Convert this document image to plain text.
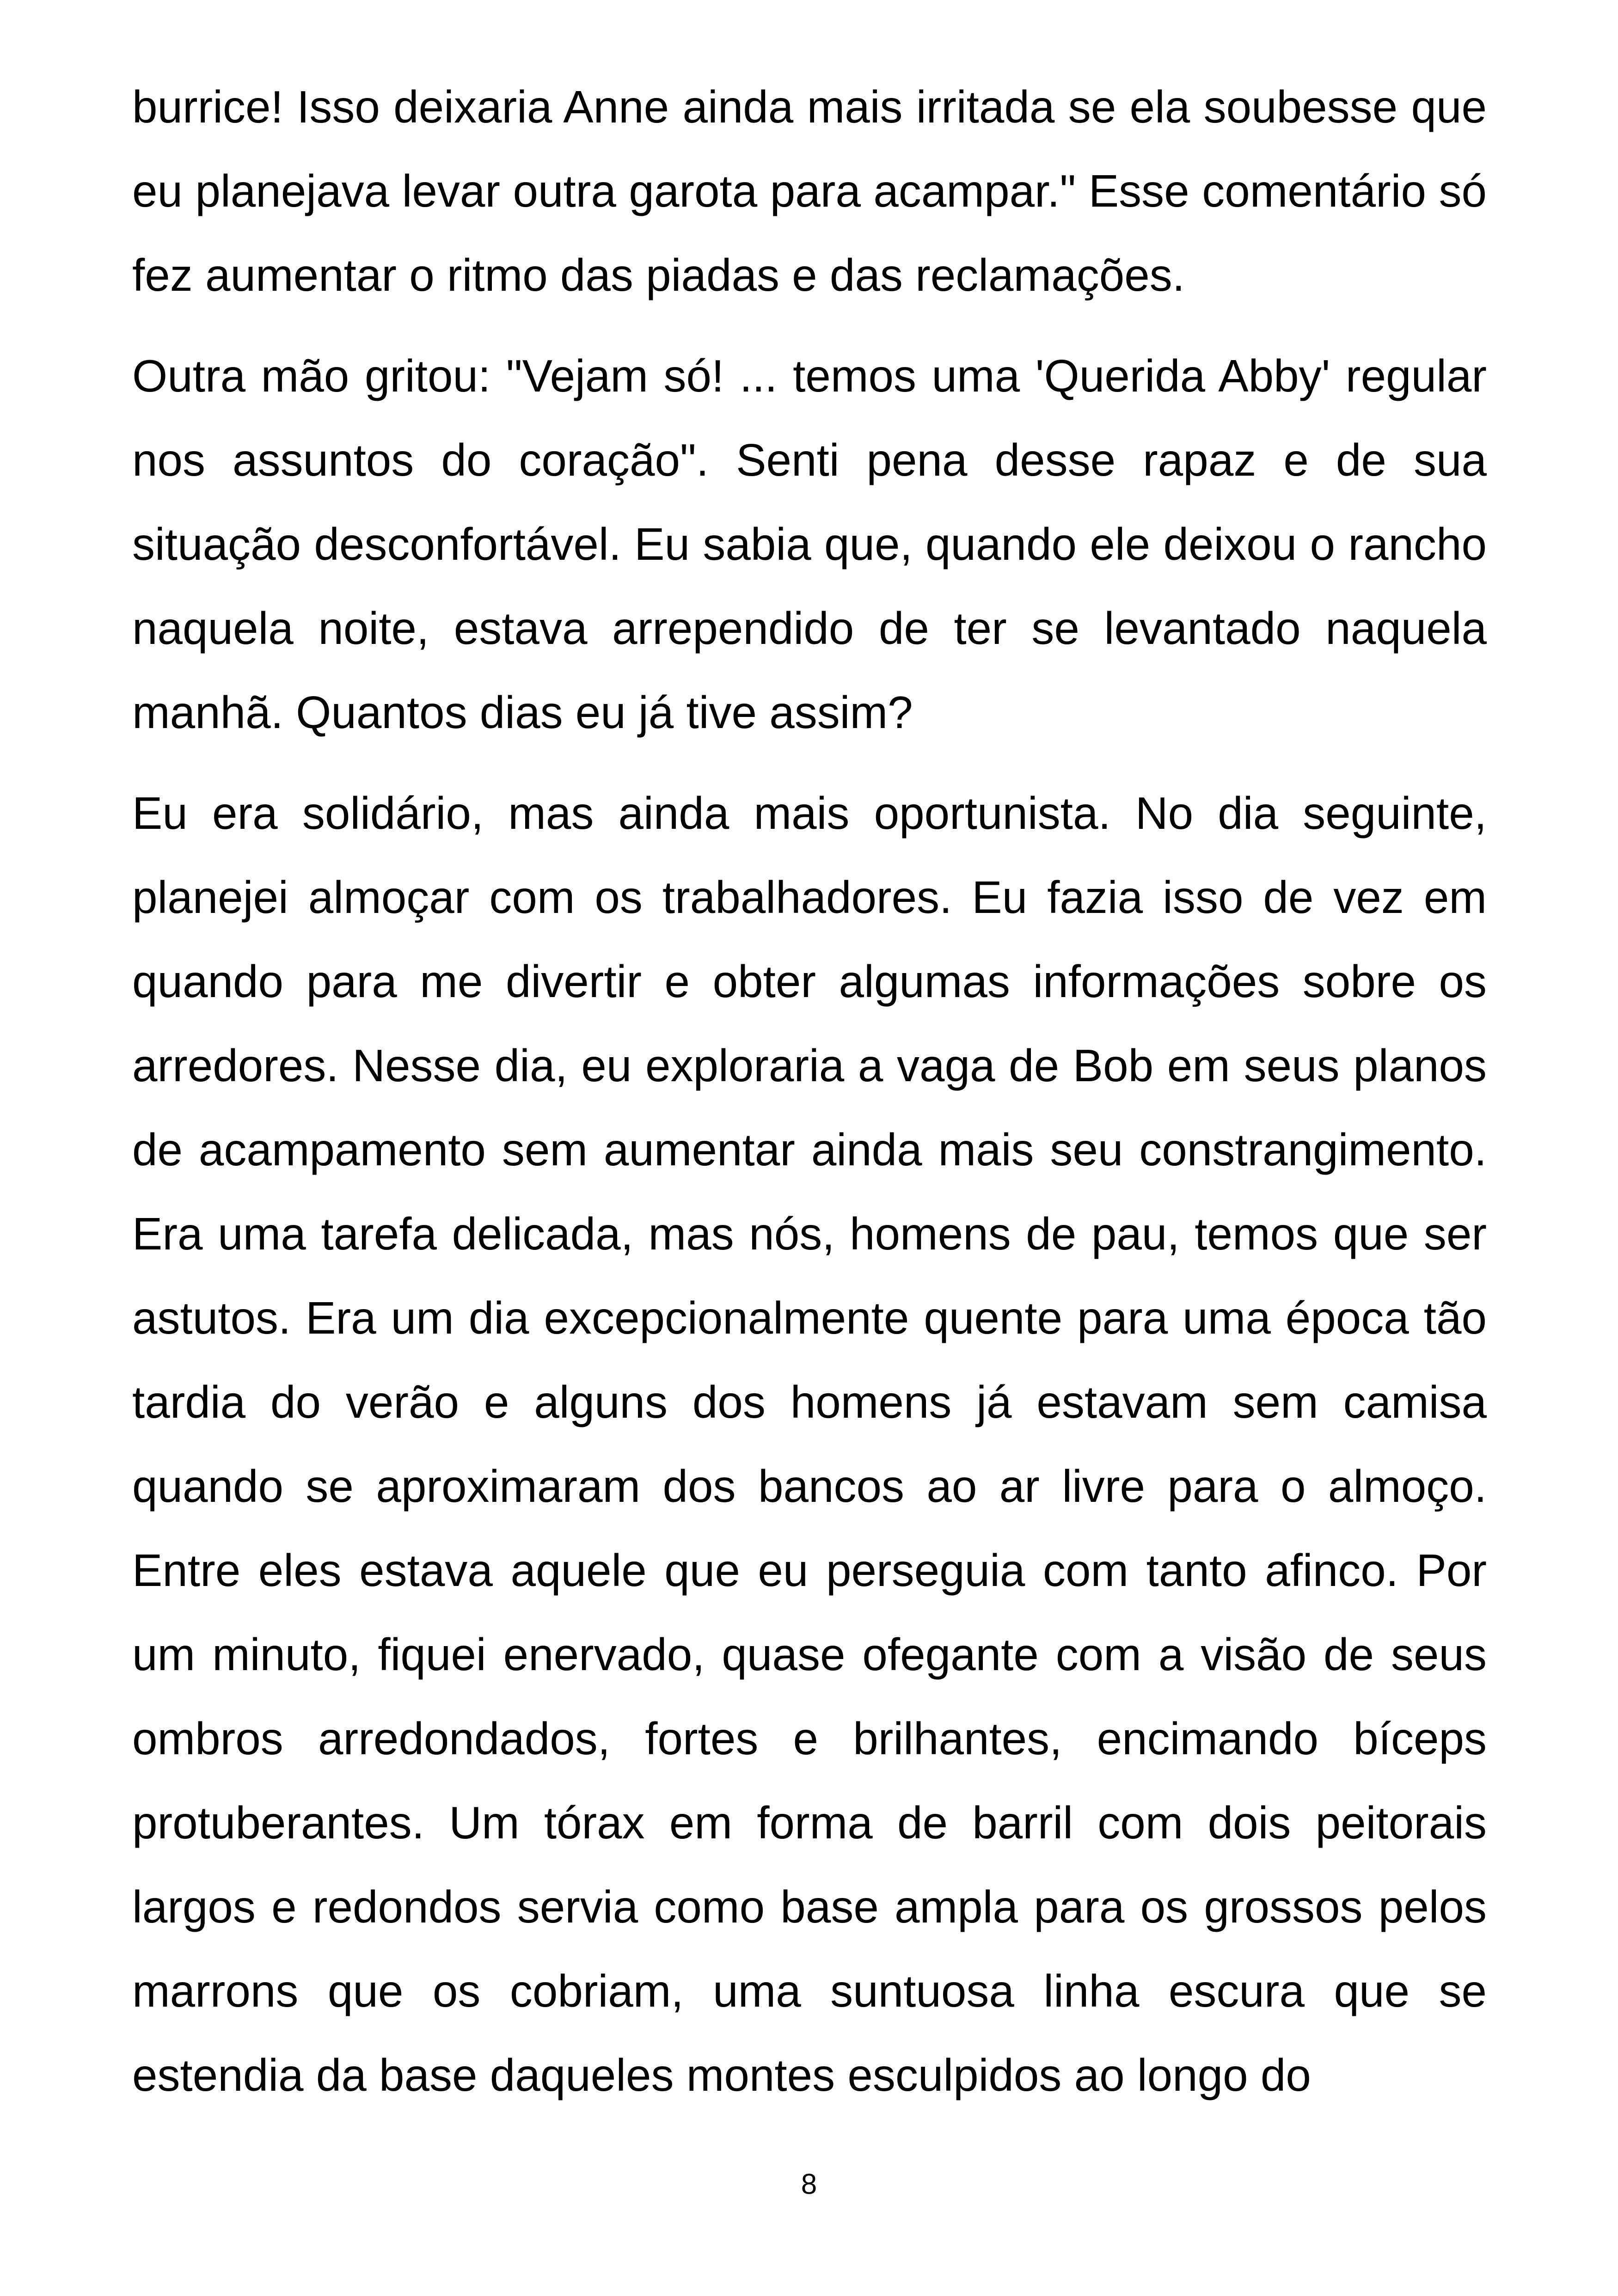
burrice! Isso deixaria Anne ainda mais irritada se ela soubesse que eu planejava levar outra garota para acampar." Esse comentário só fez aumentar o ritmo das piadas e das reclamações.

Outra mão gritou: "Vejam só! ... temos uma 'Querida Abby' regular nos assuntos do coração". Senti pena desse rapaz e de sua situação desconfortável. Eu sabia que, quando ele deixou o rancho naquela noite, estava arrependido de ter se levantado naquela manhã. Quantos dias eu já tive assim?

Eu era solidário, mas ainda mais oportunista. No dia seguinte, planejei almoçar com os trabalhadores. Eu fazia isso de vez em quando para me divertir e obter algumas informações sobre os arredores. Nesse dia, eu exploraria a vaga de Bob em seus planos de acampamento sem aumentar ainda mais seu constrangimento. Era uma tarefa delicada, mas nós, homens de pau, temos que ser astutos. Era um dia excepcionalmente quente para uma época tão tardia do verão e alguns dos homens já estavam sem camisa quando se aproximaram dos bancos ao ar livre para o almoço. Entre eles estava aquele que eu perseguia com tanto afinco. Por um minuto, fiquei enervado, quase ofegante com a visão de seus ombros arredondados, fortes e brilhantes, encimando bíceps protuberantes. Um tórax em forma de barril com dois peitorais largos e redondos servia como base ampla para os grossos pelos marrons que os cobriam, uma suntuosa linha escura que se estendia da base daqueles montes esculpidos ao longo do

8
